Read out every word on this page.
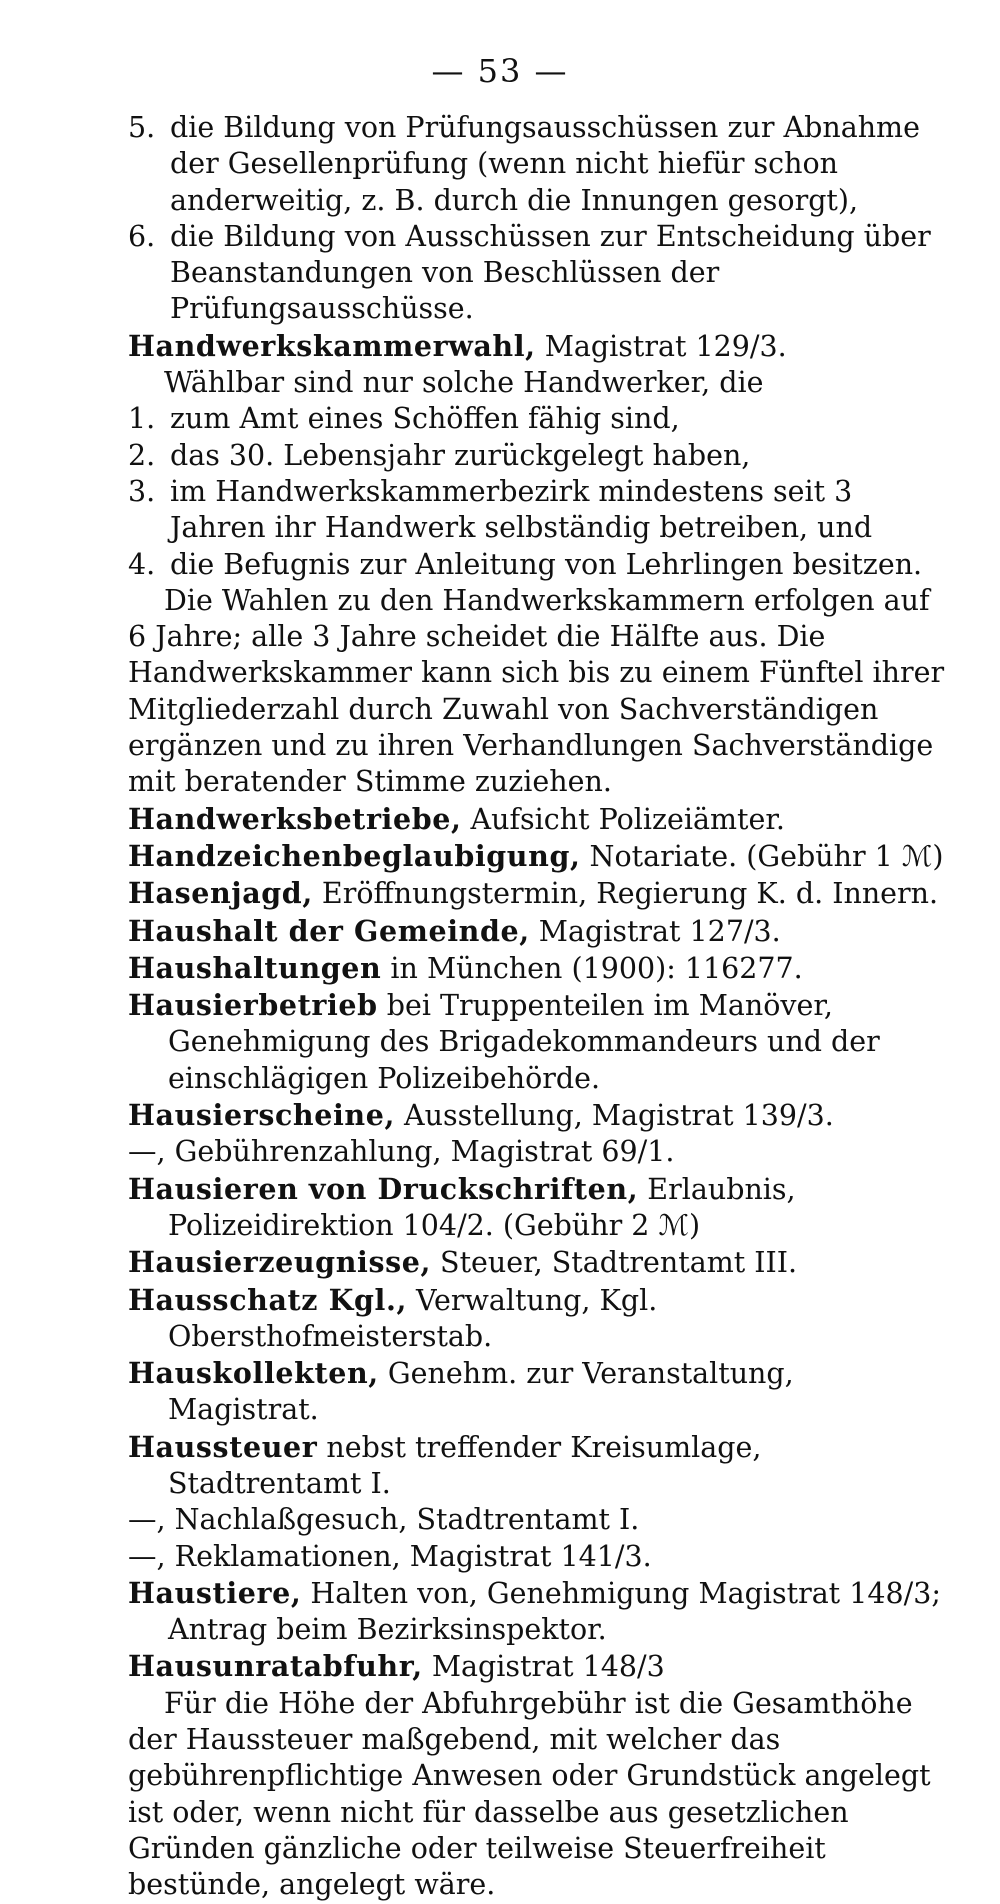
— 53 —
5. die Bildung von Prüfungsausschüssen zur Abnahme der Gesellenprüfung (wenn nicht hiefür schon anderweitig, z. B. durch die Innungen gesorgt),
6. die Bildung von Ausschüssen zur Entscheidung über Beanstandungen von Beschlüssen der Prüfungsausschüsse.

Handwerkskammerwahl, Magistrat 129/3.

Wählbar sind nur solche Handwerker, die

1. zum Amt eines Schöffen fähig sind,
2. das 30. Lebensjahr zurückgelegt haben,
3. im Handwerkskammerbezirk mindestens seit 3 Jahren ihr Handwerk selbständig betreiben, und
4. die Befugnis zur Anleitung von Lehrlingen besitzen.

Die Wahlen zu den Handwerkskammern erfolgen auf 6 Jahre; alle 3 Jahre scheidet die Hälfte aus. Die Handwerkskammer kann sich bis zu einem Fünftel ihrer Mitgliederzahl durch Zuwahl von Sachverständigen ergänzen und zu ihren Verhandlungen Sachverständige mit beratender Stimme zuziehen.

Handwerksbetriebe, Aufsicht Polizeiämter.

Handzeichenbeglaubigung, Notariate. (Gebühr 1 ℳ)

Hasenjagd, Eröffnungstermin, Regierung K. d. Innern.

Haushalt der Gemeinde, Magistrat 127/3.

Haushaltungen in München (1900): 116277.

Hausierbetrieb bei Truppenteilen im Manöver, Genehmigung des Brigadekommandeurs und der einschlägigen Polizeibehörde.

Hausierscheine, Ausstellung, Magistrat 139/3.

—, Gebührenzahlung, Magistrat 69/1.

Hausieren von Druckschriften, Erlaubnis, Polizeidirektion 104/2. (Gebühr 2 ℳ)

Hausierzeugnisse, Steuer, Stadtrentamt III.

Hausschatz Kgl., Verwaltung, Kgl. Obersthofmeisterstab.

Hauskollekten, Genehm. zur Veranstaltung, Magistrat.

Haussteuer nebst treffender Kreisumlage, Stadtrentamt I.

—, Nachlaßgesuch, Stadtrentamt I.

—, Reklamationen, Magistrat 141/3.

Haustiere, Halten von, Genehmigung Magistrat 148/3; Antrag beim Bezirksinspektor.

Hausunratabfuhr, Magistrat 148/3

Für die Höhe der Abfuhrgebühr ist die Gesamthöhe der Haussteuer maßgebend, mit welcher das gebührenpflichtige Anwesen oder Grundstück angelegt ist oder, wenn nicht für dasselbe aus gesetzlichen Gründen gänzliche oder teilweise Steuerfreiheit bestünde, angelegt wäre.
